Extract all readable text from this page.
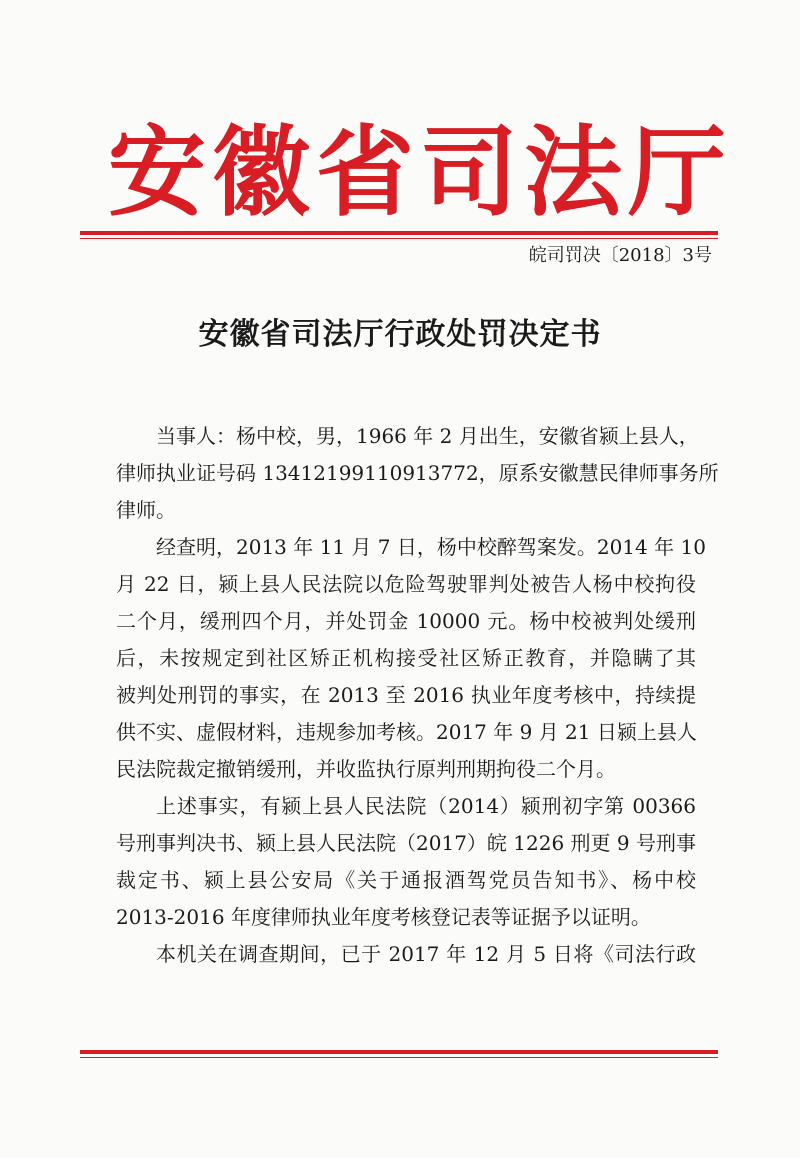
安徽省司法厅
皖司罚决〔2018〕3号
安徽省司法厅行政处罚决定书
当事人：杨中校，男，1966 年 2 月出生，安徽省颍上县人，
律师执业证号码 13412199110913772，原系安徽慧民律师事务所
律师。
经查明，2013 年 11 月 7 日，杨中校醉驾案发。2014 年 10
月 22 日，颍上县人民法院以危险驾驶罪判处被告人杨中校拘役
二个月，缓刑四个月，并处罚金 10000 元。杨中校被判处缓刑
后，未按规定到社区矫正机构接受社区矫正教育，并隐瞒了其
被判处刑罚的事实，在 2013 至 2016 执业年度考核中，持续提
供不实、虚假材料，违规参加考核。2017 年 9 月 21 日颍上县人
民法院裁定撤销缓刑，并收监执行原判刑期拘役二个月。
上述事实，有颍上县人民法院（2014）颍刑初字第 00366
号刑事判决书、颍上县人民法院（2017）皖 1226 刑更 9 号刑事
裁定书、颍上县公安局《关于通报酒驾党员告知书》、杨中校
2013-2016 年度律师执业年度考核登记表等证据予以证明。
本机关在调查期间，已于 2017 年 12 月 5 日将《司法行政
